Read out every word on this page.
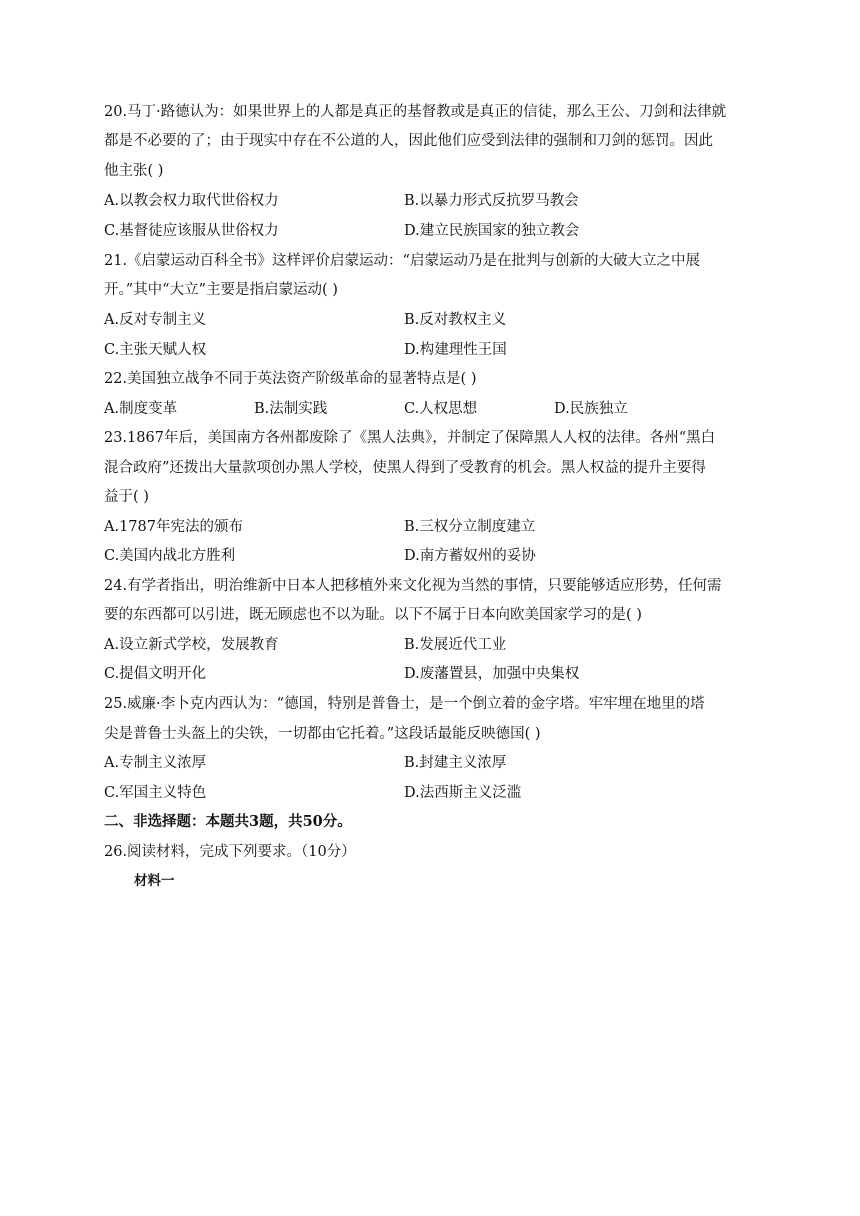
20.马丁·路德认为：如果世界上的人都是真正的基督教或是真正的信徒，那么王公、刀剑和法律就
都是不必要的了；由于现实中存在不公道的人，因此他们应受到法律的强制和刀剑的惩罚。因此
他主张( )
A.以教会权力取代世俗权力	B.以暴力形式反抗罗马教会
C.基督徒应该服从世俗权力	D.建立民族国家的独立教会
21.《启蒙运动百科全书》这样评价启蒙运动：“启蒙运动乃是在批判与创新的大破大立之中展
开。”其中“大立”主要是指启蒙运动( )
A.反对专制主义	B.反对教权主义
C.主张天赋人权	D.构建理性王国
22.美国独立战争不同于英法资产阶级革命的显著特点是( )
A.制度变革	B.法制实践	C.人权思想	D.民族独立
23.1867年后，美国南方各州都废除了《黑人法典》，并制定了保障黑人人权的法律。各州“黑白
混合政府”还拨出大量款项创办黑人学校，使黑人得到了受教育的机会。黑人权益的提升主要得
益于( )
A.1787年宪法的颁布	B.三权分立制度建立
C.美国内战北方胜利	D.南方蓄奴州的妥协
24.有学者指出，明治维新中日本人把移植外来文化视为当然的事情，只要能够适应形势，任何需
要的东西都可以引进，既无顾虑也不以为耻。以下不属于日本向欧美国家学习的是( )
A.设立新式学校，发展教育	B.发展近代工业
C.提倡文明开化	D.废藩置县，加强中央集权
25.威廉·李卜克内西认为：“德国，特别是普鲁士，是一个倒立着的金字塔。牢牢埋在地里的塔
尖是普鲁士头盔上的尖铁，一切都由它托着。”这段话最能反映德国( )
A.专制主义浓厚	B.封建主义浓厚
C.军国主义特色	D.法西斯主义泛滥
二、非选择题：本题共3题，共50分。
26.阅读材料，完成下列要求。（10分）
材料一
